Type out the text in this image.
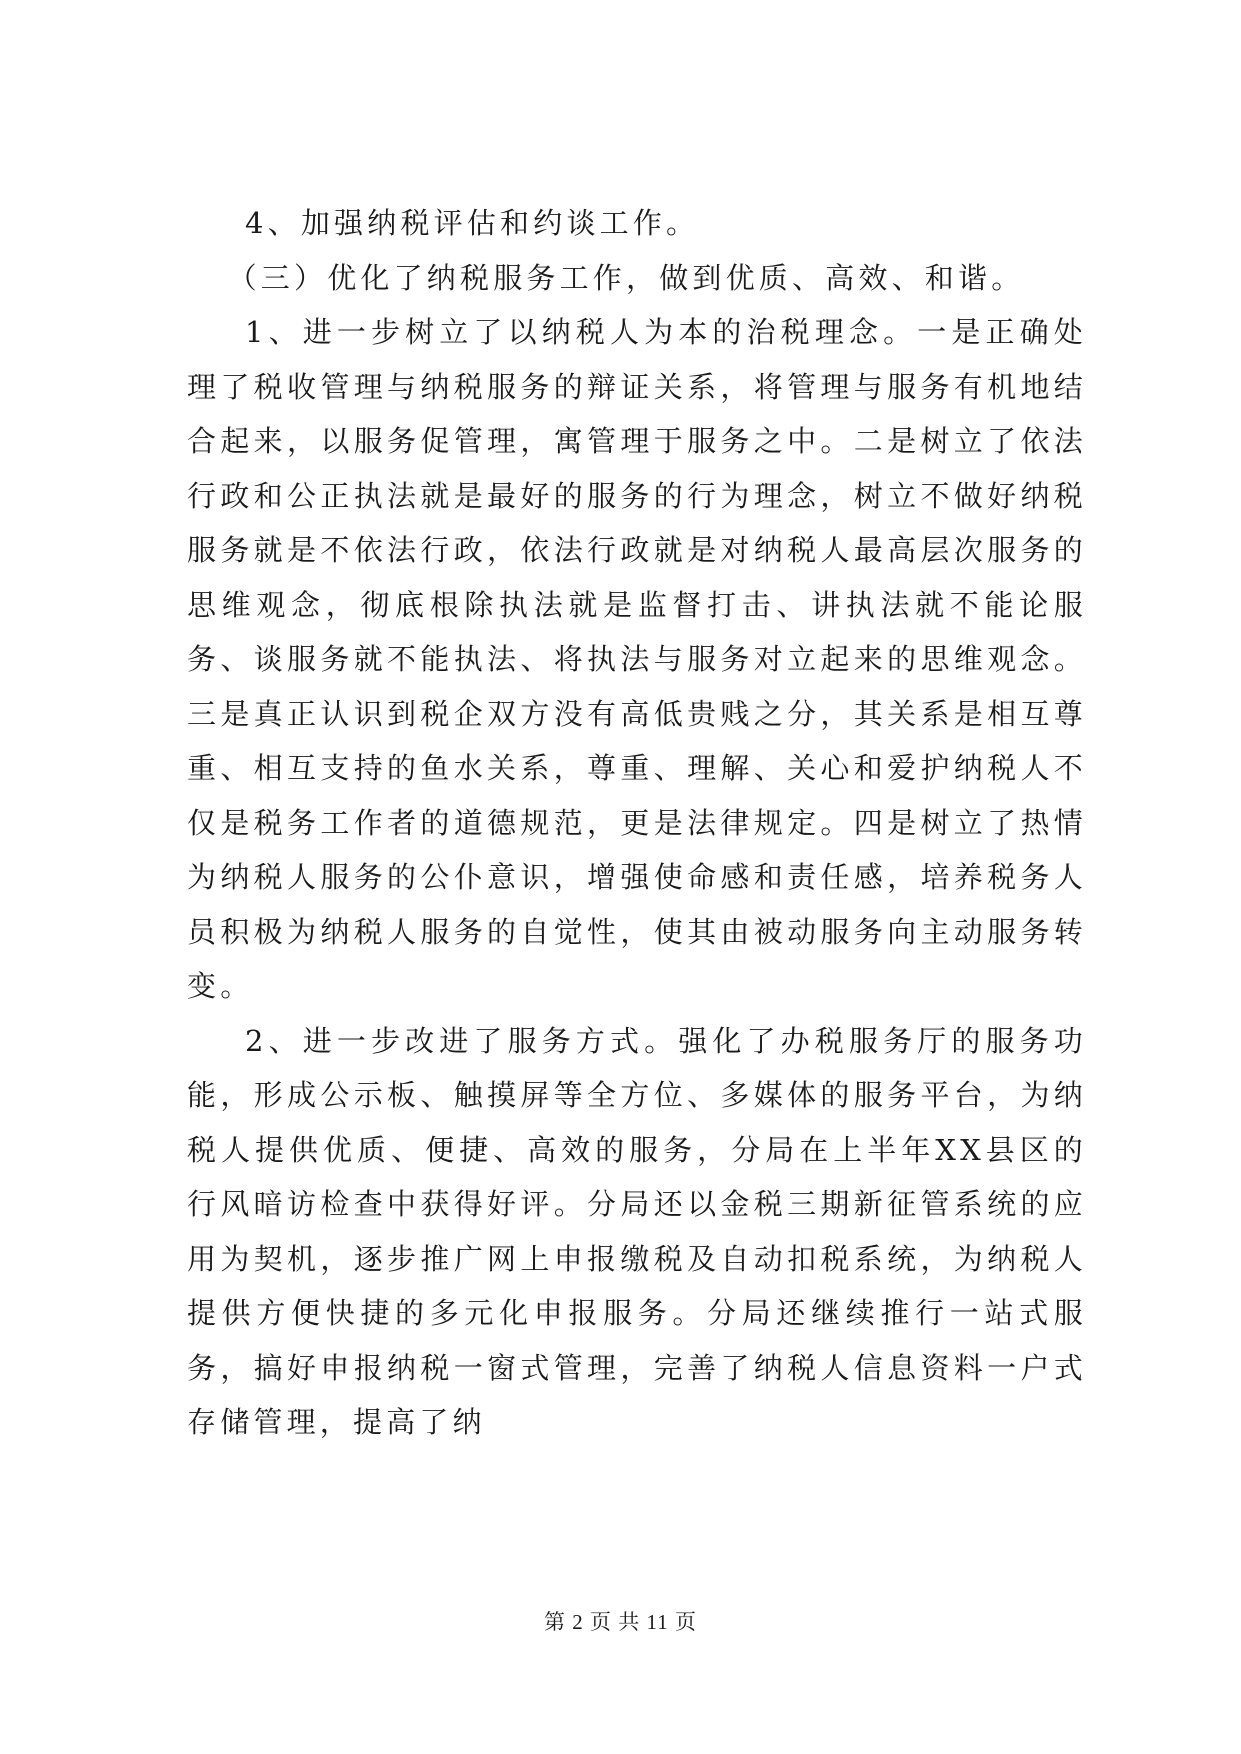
4、加强纳税评估和约谈工作。

（三）优化了纳税服务工作，做到优质、高效、和谐。

1、进一步树立了以纳税人为本的治税理念。一是正确处理了税收管理与纳税服务的辩证关系，将管理与服务有机地结合起来，以服务促管理，寓管理于服务之中。二是树立了依法行政和公正执法就是最好的服务的行为理念，树立不做好纳税服务就是不依法行政，依法行政就是对纳税人最高层次服务的思维观念，彻底根除执法就是监督打击、讲执法就不能论服务、谈服务就不能执法、将执法与服务对立起来的思维观念。三是真正认识到税企双方没有高低贵贱之分，其关系是相互尊重、相互支持的鱼水关系，尊重、理解、关心和爱护纳税人不仅是税务工作者的道德规范，更是法律规定。四是树立了热情为纳税人服务的公仆意识，增强使命感和责任感，培养税务人员积极为纳税人服务的自觉性，使其由被动服务向主动服务转变。

2、进一步改进了服务方式。强化了办税服务厅的服务功能，形成公示板、触摸屏等全方位、多媒体的服务平台，为纳税人提供优质、便捷、高效的服务，分局在上半年XX县区的行风暗访检查中获得好评。分局还以金税三期新征管系统的应用为契机，逐步推广网上申报缴税及自动扣税系统，为纳税人提供方便快捷的多元化申报服务。分局还继续推行一站式服务，搞好申报纳税一窗式管理，完善了纳税人信息资料一户式存储管理，提高了纳

第 2 页 共 11 页
